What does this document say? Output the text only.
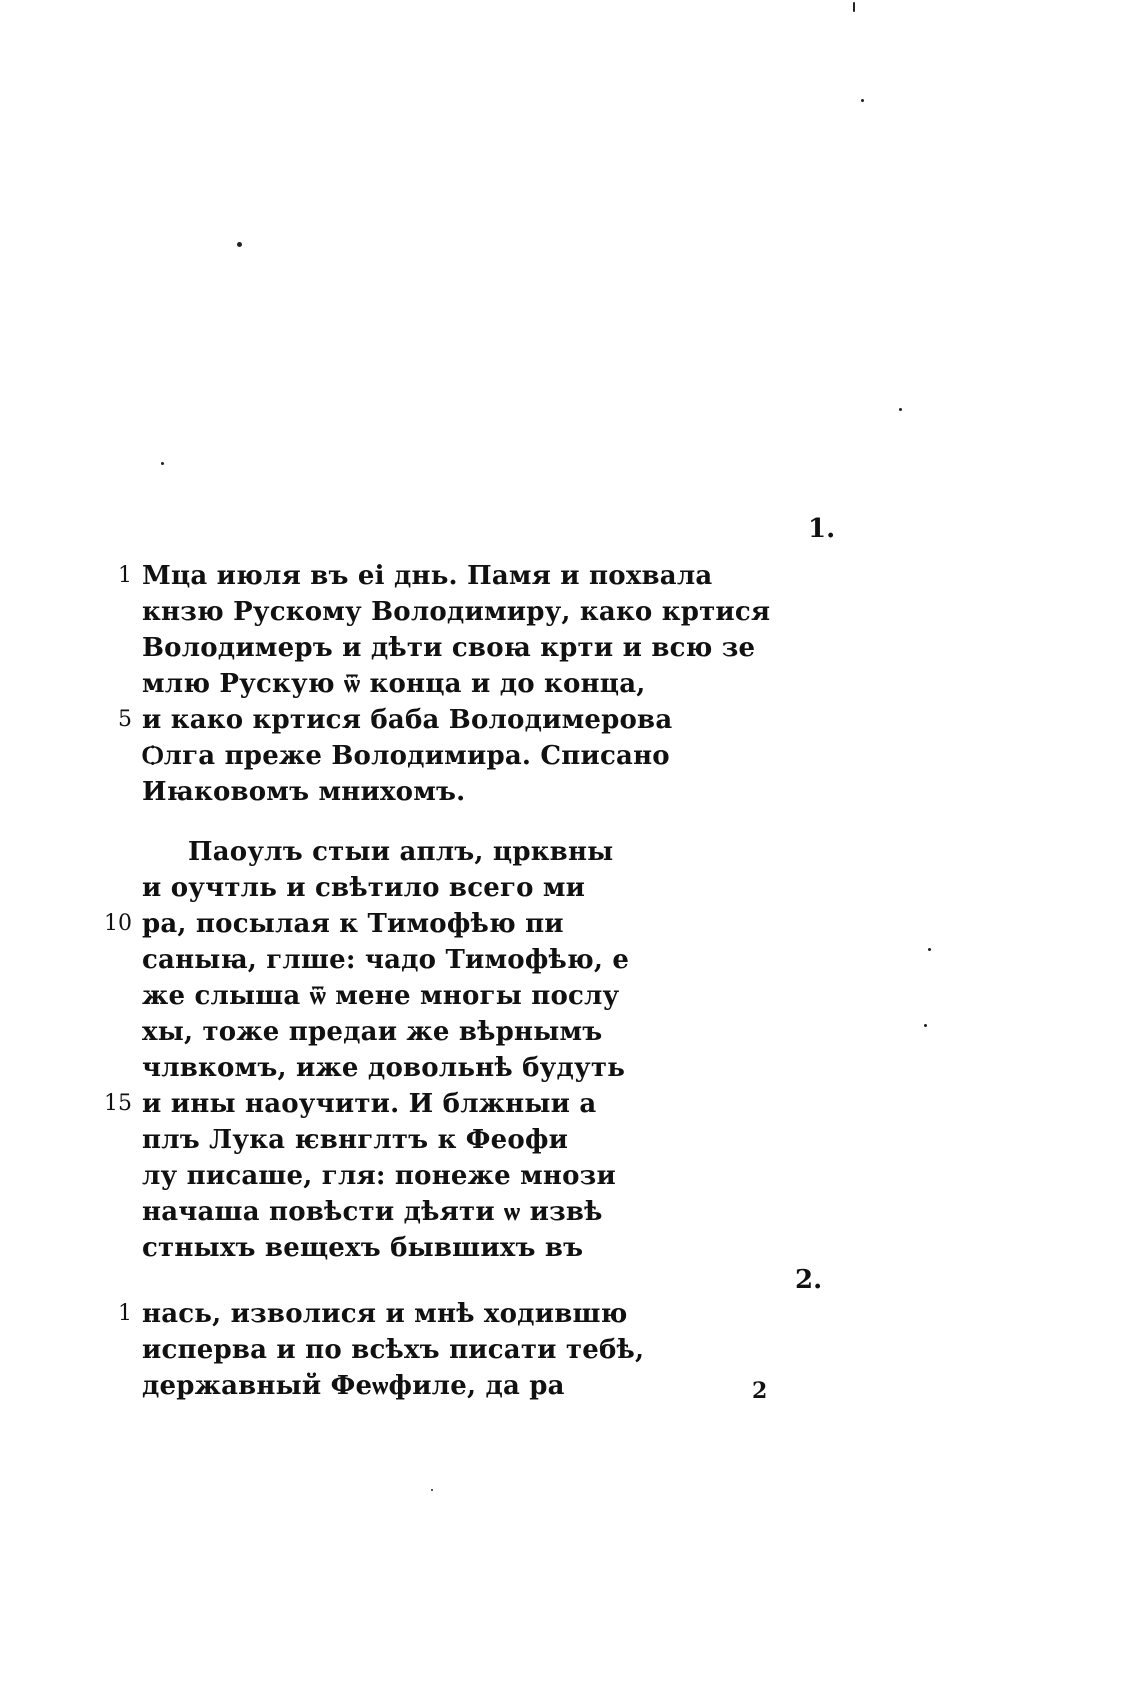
1.
2.
1 Мца июля въ еі днь. Памя и похвала
кнзю Рускому Володимиру, како кртися
Володимеръ и дѣти своꙗ крти и всю зе
млю Рускую ѿ конца и до конца,
5 и како кртися баба Володимерова
Ѻлга преже Володимира. Списано
Иꙗковомъ мнихомъ.
Паоулъ стыи аплъ, црквны
и оучтль и свѣтило всего ми
10 ра, посылая к Тимофѣю пи
саныꙗ, глше: чадо Тимофѣю, е
же слыша ѿ мене многы послу
хы, тоже предаи же вѣрнымъ
члвкомъ, иже довольнѣ будуть
15 и ины наоучити. И блжныи а
плъ Лука ѥвнглтъ к Феофи
лу писаше, гля: понеже мнози
начаша повѣсти дѣяти ѡ извѣ
стныхъ вещехъ бывшихъ въ
1 нась, изволися и мнѣ ходившю
исперва и по всѣхъ писати тебѣ,
державный Феѡфиле, да ра	2
